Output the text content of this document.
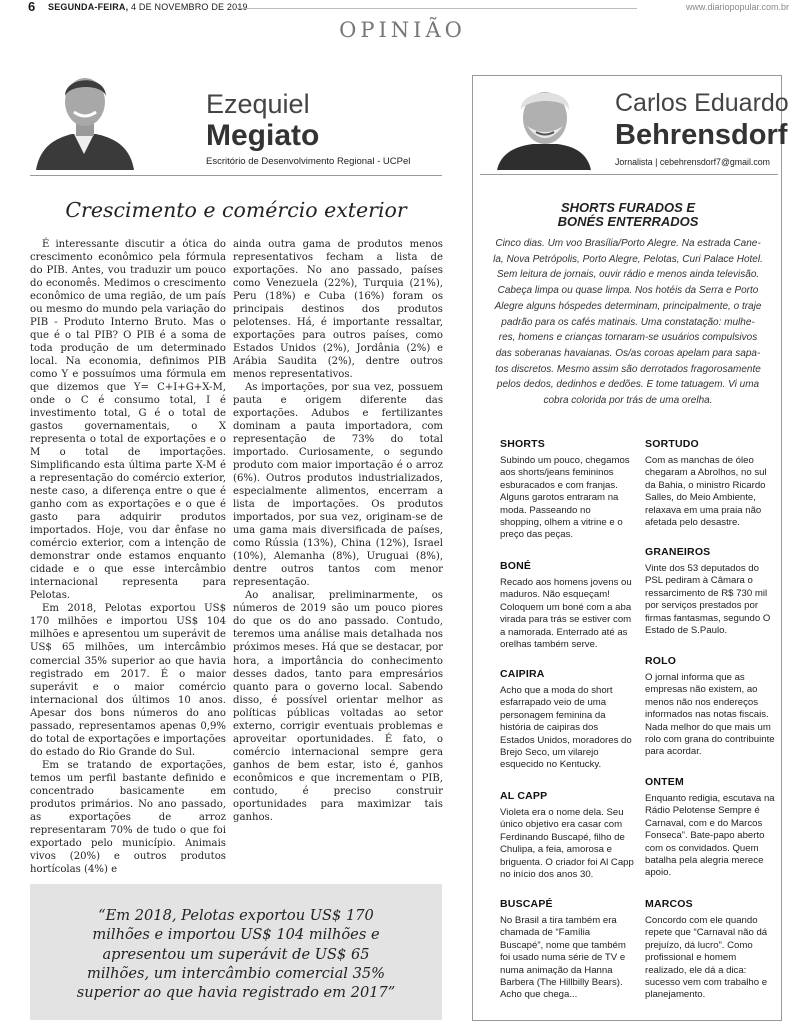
6 SEGUNDA-FEIRA, 4 DE NOVEMBRO DE 2019	www.diariopopular.com.br
OPINIÃO
Ezequiel
Megiato
Escritório de Desenvolvimento Regional - UCPel
Crescimento e comércio exterior

É interessante discutir a ótica do crescimento econômico pela fórmula do PIB. Antes, vou traduzir um pouco do economês. Medimos o crescimento econômico de uma região, de um país ou mesmo do mundo pela variação do PIB - Produto Interno Bruto. Mas o que é o tal PIB? O PIB é a soma de toda produção de um determinado local. Na economia, definimos PIB como Y e possuímos uma fórmula em que dizemos que Y= C+I+G+X-M, onde o C é consumo total, I é investimento total, G é o total de gastos governamentais, o X representa o total de exportações e o M o total de importações. Simplificando esta última parte X-M é a representação do comércio exterior, neste caso, a diferença entre o que é ganho com as exportações e o que é gasto para adquirir produtos importados. Hoje, vou dar ênfase no comércio exterior, com a intenção de demonstrar onde estamos enquanto cidade e o que esse intercâmbio internacional representa para Pelotas.

Em 2018, Pelotas exportou US$ 170 milhões e importou US$ 104 milhões e apresentou um superávit de US$ 65 milhões, um intercâmbio comercial 35% superior ao que havia registrado em 2017. É o maior superávit e o maior comércio internacional dos últimos 10 anos. Apesar dos bons números do ano passado, representamos apenas 0,9% do total de exportações e importações do estado do Rio Grande do Sul.

Em se tratando de exportações, temos um perfil bastante definido e concentrado basicamente em produtos primários. No ano passado, as exportações de arroz representaram 70% de tudo o que foi exportado pelo município. Animais vivos (20%) e outros produtos hortícolas (4%) e

ainda outra gama de produtos menos representativos fecham a lista de exportações. No ano passado, países como Venezuela (22%), Turquia (21%), Peru (18%) e Cuba (16%) foram os principais destinos dos produtos pelotenses. Há, é importante ressaltar, exportações para outros países, como Estados Unidos (2%), Jordânia (2%) e Arábia Saudita (2%), dentre outros menos representativos.

As importações, por sua vez, possuem pauta e origem diferente das exportações. Adubos e fertilizantes dominam a pauta importadora, com representação de 73% do total importado. Curiosamente, o segundo produto com maior importação é o arroz (6%). Outros produtos industrializados, especialmente alimentos, encerram a lista de importações. Os produtos importados, por sua vez, originam-se de uma gama mais diversificada de países, como Rússia (13%), China (12%), Israel (10%), Alemanha (8%), Uruguai (8%), dentre outros tantos com menor representação.

Ao analisar, preliminarmente, os números de 2019 são um pouco piores do que os do ano passado. Contudo, teremos uma análise mais detalhada nos próximos meses. Há que se destacar, por hora, a importância do conhecimento desses dados, tanto para empresários quanto para o governo local. Sabendo disso, é possível orientar melhor as políticas públicas voltadas ao setor externo, corrigir eventuais problemas e aproveitar oportunidades. É fato, o comércio internacional sempre gera ganhos de bem estar, isto é, ganhos econômicos e que incrementam o PIB, contudo, é preciso construir oportunidades para maximizar tais ganhos.

“Em 2018, Pelotas exportou US$ 170
milhões e importou US$ 104 milhões e
apresentou um superávit de US$ 65
milhões, um intercâmbio comercial 35%
superior ao que havia registrado em 2017”
Carlos Eduardo
Behrensdorf
Jornalista | cebehrensdorf7@gmail.com
SHORTS FURADOS E
BONÉS ENTERRADOS
Cinco dias. Um voo Brasília/Porto Alegre. Na estrada Cane-
la, Nova Petrópolis, Porto Alegre, Pelotas, Curi Palace Hotel.
Sem leitura de jornais, ouvir rádio e menos ainda televisão.
Cabeça limpa ou quase limpa. Nos hotéis da Serra e Porto
Alegre alguns hóspedes determinam, principalmente, o traje
padrão para os cafés matinais. Uma constatação: mulhe-
res, homens e crianças tornaram-se usuários compulsivos
das soberanas havaianas. Os/as coroas apelam para sapa-
tos discretos. Mesmo assim são derrotados fragorosamente
pelos dedos, dedinhos e dedões. E tome tatuagem. Vi uma
cobra colorida por trás de uma orelha.
SHORTS
Subindo um pouco, chegamos aos shorts/jeans femininos esburacados e com franjas. Alguns garotos entraram na moda. Passeando no shopping, olhem a vitrine e o preço das peças.
BONÉ
Recado aos homens jovens ou maduros. Não esqueçam! Coloquem um boné com a aba virada para trás se estiver com a namorada. Enterrado até as orelhas também serve.
CAIPIRA
Acho que a moda do short esfarrapado veio de uma personagem feminina da história de caipiras dos Estados Unidos, moradores do Brejo Seco, um vilarejo esquecido no Kentucky.
AL CAPP
Violeta era o nome dela. Seu único objetivo era casar com Ferdinando Buscapé, filho de Chulipa, a feia, amorosa e briguenta. O criador foi Al Capp no início dos anos 30.
BUSCAPÉ
No Brasil a tira também era chamada de “Família Buscapé”, nome que também foi usado numa série de TV e numa animação da Hanna Barbera (The Hillbilly Bears). Acho que chega...
SORTUDO
Com as manchas de óleo chegaram a Abrolhos, no sul da Bahia, o ministro Ricardo Salles, do Meio Ambiente, relaxava em uma praia não afetada pelo desastre.
GRANEIROS
Vinte dos 53 deputados do PSL pediram à Câmara o ressarcimento de R$ 730 mil por serviços prestados por firmas fantasmas, segundo O Estado de S.Paulo.
ROLO
O jornal informa que as empresas não existem, ao menos não nos endereços informados nas notas fiscais. Nada melhor do que mais um rolo com grana do contribuinte para acordar.
ONTEM
Enquanto redigia, escutava na Rádio Pelotense Sempre é Carnaval, com e do Marcos Fonseca”. Bate-papo aberto com os convidados. Quem batalha pela alegria merece apoio.
MARCOS
Concordo com ele quando repete que “Carnaval não dá prejuízo, dá lucro”. Como profissional e homem realizado, ele dá a dica: sucesso vem com trabalho e planejamento.
